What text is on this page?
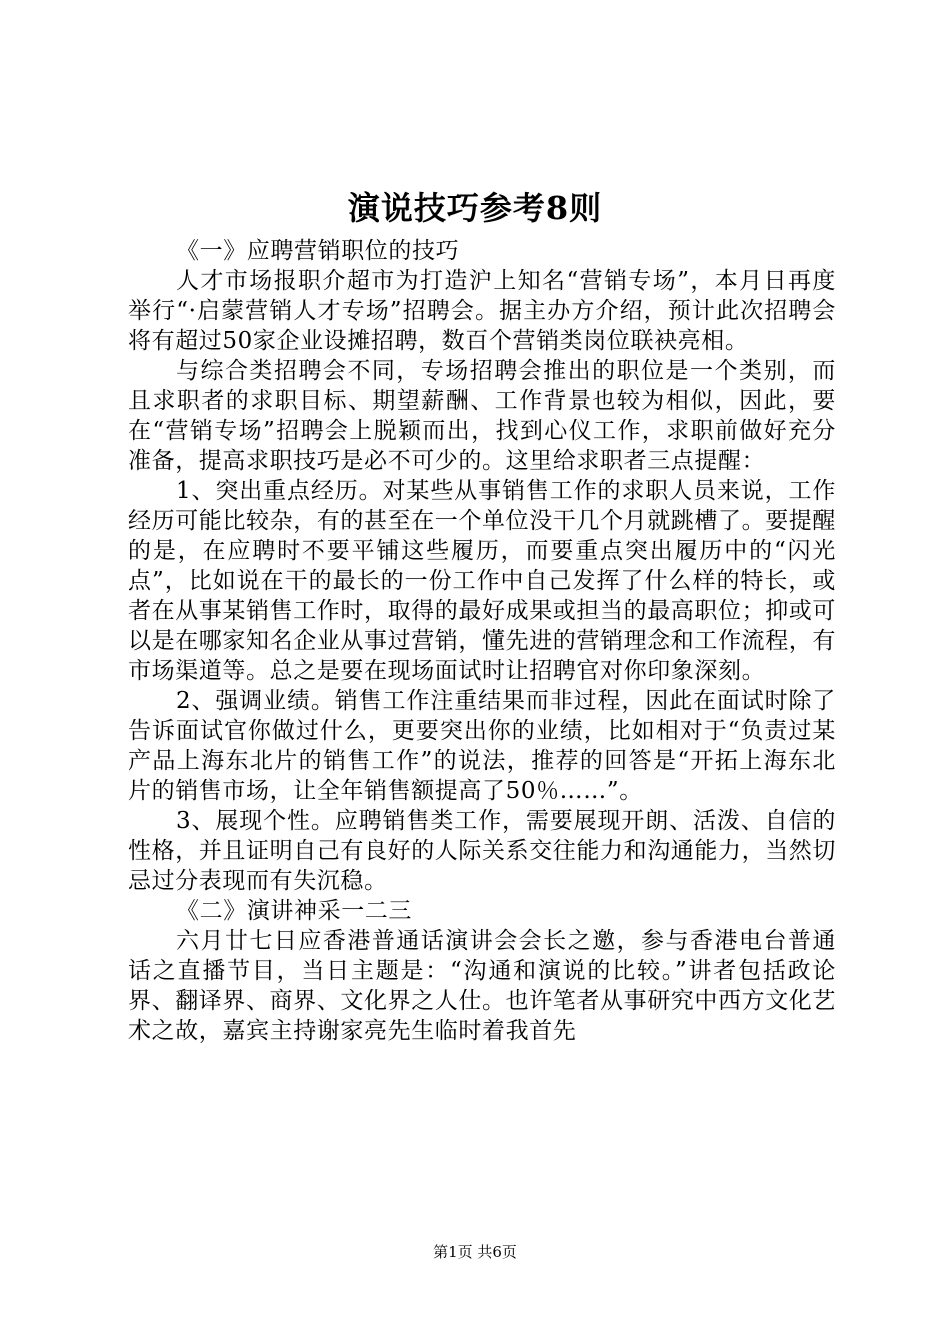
演说技巧参考8则

《一》应聘营销职位的技巧

人才市场报职介超市为打造沪上知名“营销专场”，本月日再度举行“·启蒙营销人才专场”招聘会。据主办方介绍，预计此次招聘会将有超过50家企业设摊招聘，数百个营销类岗位联袂亮相。

与综合类招聘会不同，专场招聘会推出的职位是一个类别，而且求职者的求职目标、期望薪酬、工作背景也较为相似，因此，要在“营销专场”招聘会上脱颖而出，找到心仪工作，求职前做好充分准备，提高求职技巧是必不可少的。这里给求职者三点提醒：

1、突出重点经历。对某些从事销售工作的求职人员来说，工作经历可能比较杂，有的甚至在一个单位没干几个月就跳槽了。要提醒的是，在应聘时不要平铺这些履历，而要重点突出履历中的“闪光点”，比如说在干的最长的一份工作中自己发挥了什么样的特长，或者在从事某销售工作时，取得的最好成果或担当的最高职位；抑或可以是在哪家知名企业从事过营销，懂先进的营销理念和工作流程，有市场渠道等。总之是要在现场面试时让招聘官对你印象深刻。

2、强调业绩。销售工作注重结果而非过程，因此在面试时除了告诉面试官你做过什么，更要突出你的业绩，比如相对于“负责过某产品上海东北片的销售工作”的说法，推荐的回答是“开拓上海东北片的销售市场，让全年销售额提高了50％……”。

3、展现个性。应聘销售类工作，需要展现开朗、活泼、自信的性格，并且证明自己有良好的人际关系交往能力和沟通能力，当然切忌过分表现而有失沉稳。

《二》演讲神采一二三

六月廿七日应香港普通话演讲会会长之邀，参与香港电台普通话之直播节目，当日主题是：“沟通和演说的比较。”讲者包括政论界、翻译界、商界、文化界之人仕。也许笔者从事研究中西方文化艺术之故，嘉宾主持谢家亮先生临时着我首先

第1页 共6页
